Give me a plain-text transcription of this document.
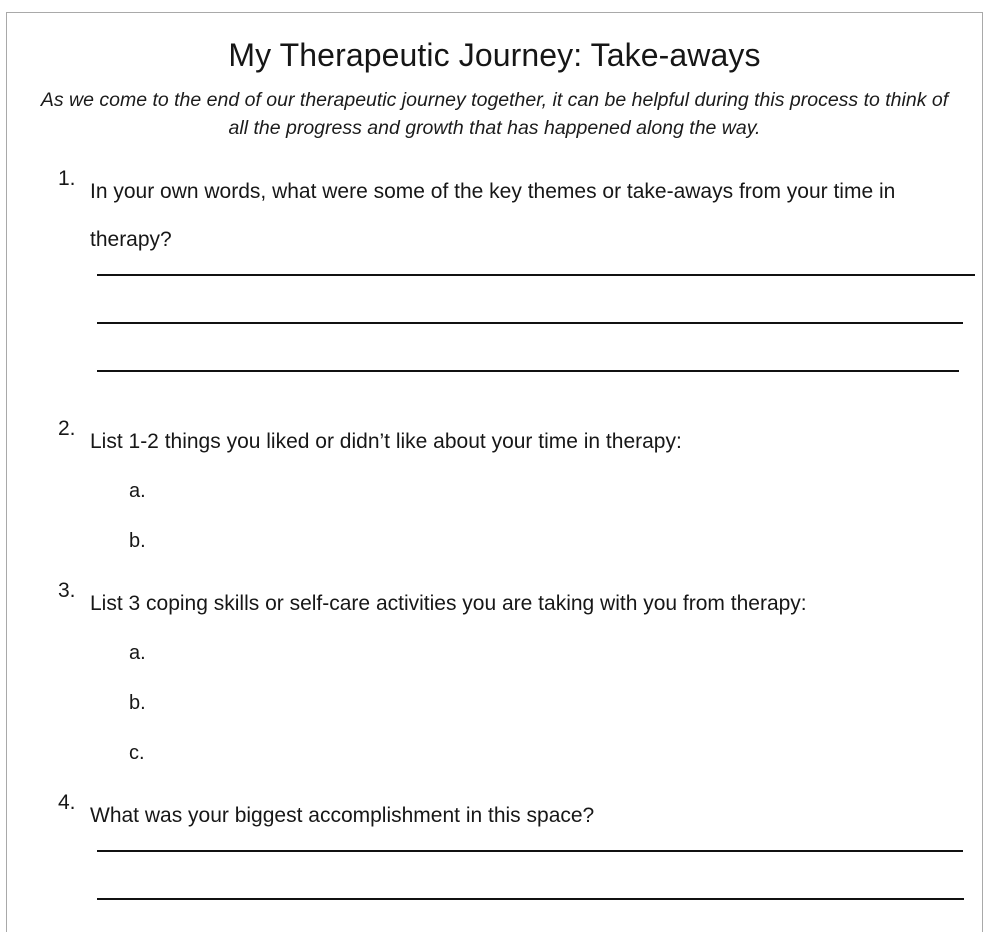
My Therapeutic Journey: Take-aways

As we come to the end of our therapeutic journey together, it can be helpful during this process to think of all the progress and growth that has happened along the way.

1.
In your own words, what were some of the key themes or take-aways from your time in therapy?
2.
List 1-2 things you liked or didn’t like about your time in therapy:
a.
b.
3.
List 3 coping skills or self-care activities you are taking with you from therapy:
a.
b.
c.
4.
What was your biggest accomplishment in this space?
